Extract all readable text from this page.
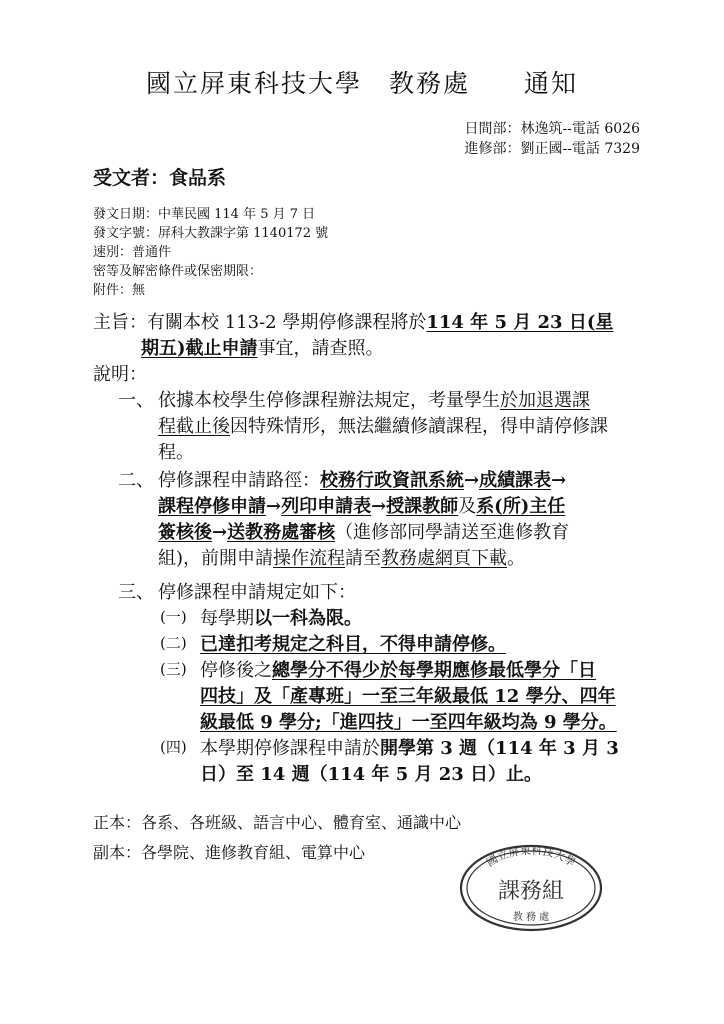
國立屏東科技大學　教務處　　通知
日間部：林逸筑--電話 6026
進修部：劉正國--電話 7329
受文者：食品系
發文日期：中華民國 114 年 5 月 7 日
發文字號：屏科大教課字第 1140172 號
速別：普通件
密等及解密條件或保密期限：
附件：無
主旨：有關本校 113-2 學期停修課程將於114 年 5 月 23 日(星
期五)截止申請事宜，請查照。
說明：
一、 依據本校學生停修課程辦法規定，考量學生於加退選課
程截止後因特殊情形，無法繼續修讀課程，得申請停修課
程。
二、 停修課程申請路徑：校務行政資訊系統→成績課表→
課程停修申請→列印申請表→授課教師及系(所)主任
簽核後→送教務處審核（進修部同學請送至進修教育
組)，前開申請操作流程請至教務處網頁下載。
三、 停修課程申請規定如下：
(一) 每學期以一科為限。
(二) 已達扣考規定之科目，不得申請停修。
(三) 停修後之總學分不得少於每學期應修最低學分「日
四技」及「產專班」一至三年級最低 12 學分、四年
級最低 9 學分;「進四技」一至四年級均為 9 學分。
(四) 本學期停修課程申請於開學第 3 週（114 年 3 月 3
日）至 14 週（114 年 5 月 23 日）止。
正本：各系、各班級、語言中心、體育室、通識中心
副本：各學院、進修教育組、電算中心	國立屏東科技大學
課務組
教 務 處
